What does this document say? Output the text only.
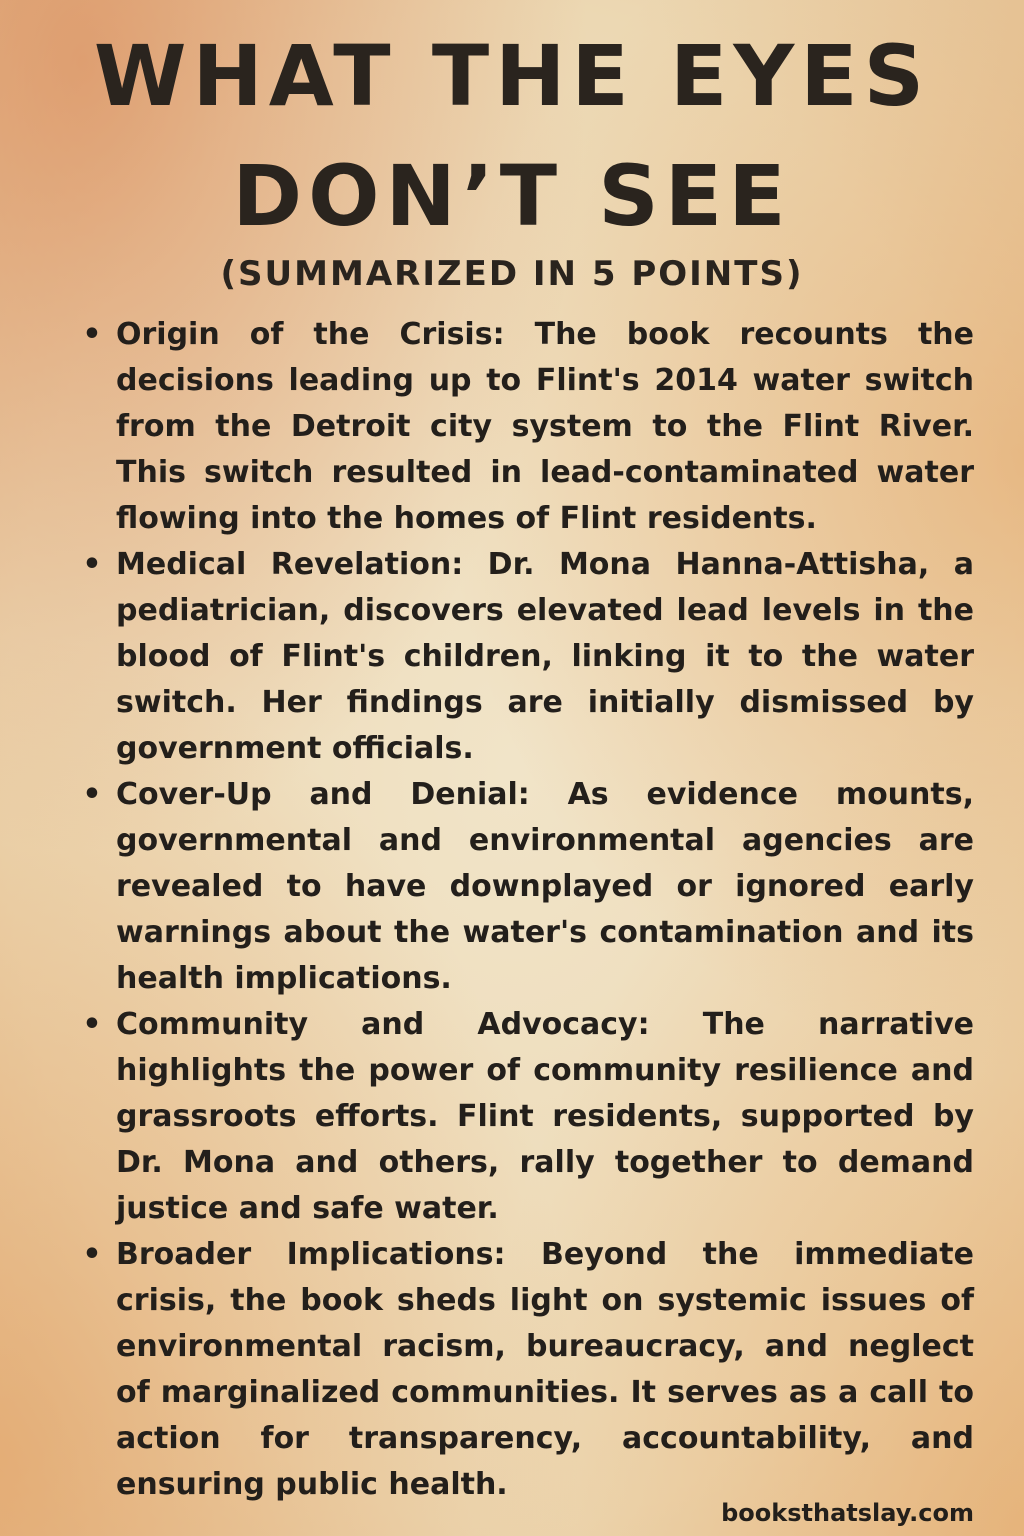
WHAT THE EYES
DON’T SEE
(SUMMARIZED IN 5 POINTS)
• Origin of the Crisis: The book recounts the decisions leading up to Flint's 2014 water switch from the Detroit city system to the Flint River. This switch resulted in lead-contaminated water flowing into the homes of Flint residents.
• Medical Revelation: Dr. Mona Hanna-Attisha, a pediatrician, discovers elevated lead levels in the blood of Flint's children, linking it to the water switch. Her findings are initially dismissed by government officials.
• Cover-Up and Denial: As evidence mounts, governmental and environmental agencies are revealed to have downplayed or ignored early warnings about the water's contamination and its health implications.
• Community and Advocacy: The narrative highlights the power of community resilience and grassroots efforts. Flint residents, supported by Dr. Mona and others, rally together to demand justice and safe water.
• Broader Implications: Beyond the immediate crisis, the book sheds light on systemic issues of environmental racism, bureaucracy, and neglect of marginalized communities. It serves as a call to action for transparency, accountability, and ensuring public health.
booksthatslay.com
